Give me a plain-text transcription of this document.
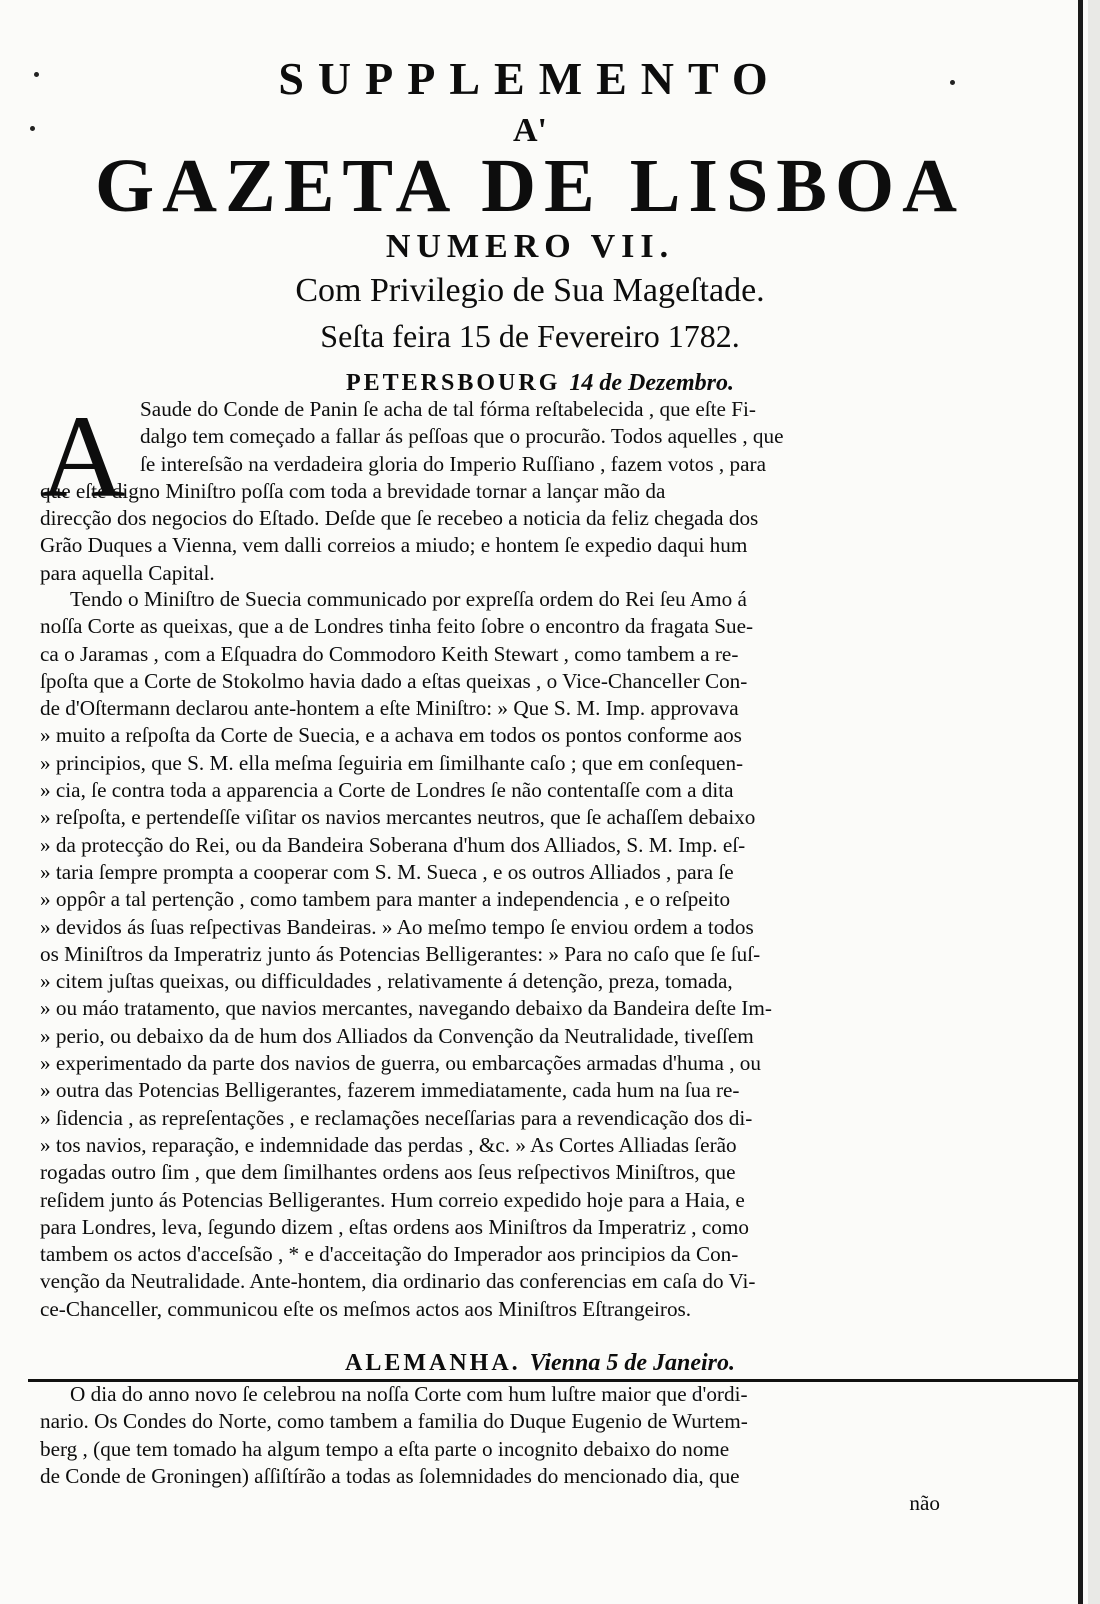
SUPPLEMENTO
A'
GAZETA DE LISBOA
NUMERO VII.
Com Privilegio de Sua Mageſtade.
Seſta feira 15 de Fevereiro 1782.
PETERSBOURG 14 de Dezembro.
A Saude do Conde de Panin ſe acha de tal fórma reſtabelecida , que eſte Fi-
dalgo tem começado a fallar ás peſſoas que o procurão. Todos aquelles , que
ſe intereſsão na verdadeira gloria do Imperio Ruſſiano , fazem votos , para
que eſte digno Miniſtro poſſa com toda a brevidade tornar a lançar mão da
direcção dos negocios do Eſtado. Deſde que ſe recebeo a noticia da feliz chegada dos
Grão Duques a Vienna, vem dalli correios a miudo; e hontem ſe expedio daqui hum
para aquella Capital.
Tendo o Miniſtro de Suecia communicado por expreſſa ordem do Rei ſeu Amo á
noſſa Corte as queixas, que a de Londres tinha feito ſobre o encontro da fragata Sue-
ca o Jaramas , com a Eſquadra do Commodoro Keith Stewart , como tambem a re-
ſpoſta que a Corte de Stokolmo havia dado a eſtas queixas , o Vice-Chanceller Con-
de d'Oſtermann declarou ante-hontem a eſte Miniſtro: » Que S. M. Imp. approvava
» muito a reſpoſta da Corte de Suecia, e a achava em todos os pontos conforme aos
» principios, que S. M. ella meſma ſeguiria em ſimilhante caſo ; que em conſequen-
» cia, ſe contra toda a apparencia a Corte de Londres ſe não contentaſſe com a dita
» reſpoſta, e pertendeſſe viſitar os navios mercantes neutros, que ſe achaſſem debaixo
» da protecção do Rei, ou da Bandeira Soberana d'hum dos Alliados, S. M. Imp. eſ-
» taria ſempre prompta a cooperar com S. M. Sueca , e os outros Alliados , para ſe
» oppôr a tal pertenção , como tambem para manter a independencia , e o reſpeito
» devidos ás ſuas reſpectivas Bandeiras. » Ao meſmo tempo ſe enviou ordem a todos
os Miniſtros da Imperatriz junto ás Potencias Belligerantes: » Para no caſo que ſe ſuſ-
» citem juſtas queixas, ou difficuldades , relativamente á detenção, preza, tomada,
» ou máo tratamento, que navios mercantes, navegando debaixo da Bandeira deſte Im-
» perio, ou debaixo da de hum dos Alliados da Convenção da Neutralidade, tiveſſem
» experimentado da parte dos navios de guerra, ou embarcações armadas d'huma , ou
» outra das Potencias Belligerantes, fazerem immediatamente, cada hum na ſua re-
» ſidencia , as repreſentações , e reclamações neceſſarias para a revendicação dos di-
» tos navios, reparação, e indemnidade das perdas , &c. » As Cortes Alliadas ſerão
rogadas outro ſim , que dem ſimilhantes ordens aos ſeus reſpectivos Miniſtros, que
reſidem junto ás Potencias Belligerantes. Hum correio expedido hoje para a Haia, e
para Londres, leva, ſegundo dizem , eſtas ordens aos Miniſtros da Imperatriz , como
tambem os actos d'acceſsão , * e d'acceitação do Imperador aos principios da Con-
venção da Neutralidade. Ante-hontem, dia ordinario das conferencias em caſa do Vi-
ce-Chanceller, communicou eſte os meſmos actos aos Miniſtros Eſtrangeiros.
ALEMANHA. Vienna 5 de Janeiro.
O dia do anno novo ſe celebrou na noſſa Corte com hum luſtre maior que d'ordi-
nario. Os Condes do Norte, como tambem a familia do Duque Eugenio de Wurtem-
berg , (que tem tomado ha algum tempo a eſta parte o incognito debaixo do nome
de Conde de Groningen) aſſiſtírão a todas as ſolemnidades do mencionado dia, que
não
